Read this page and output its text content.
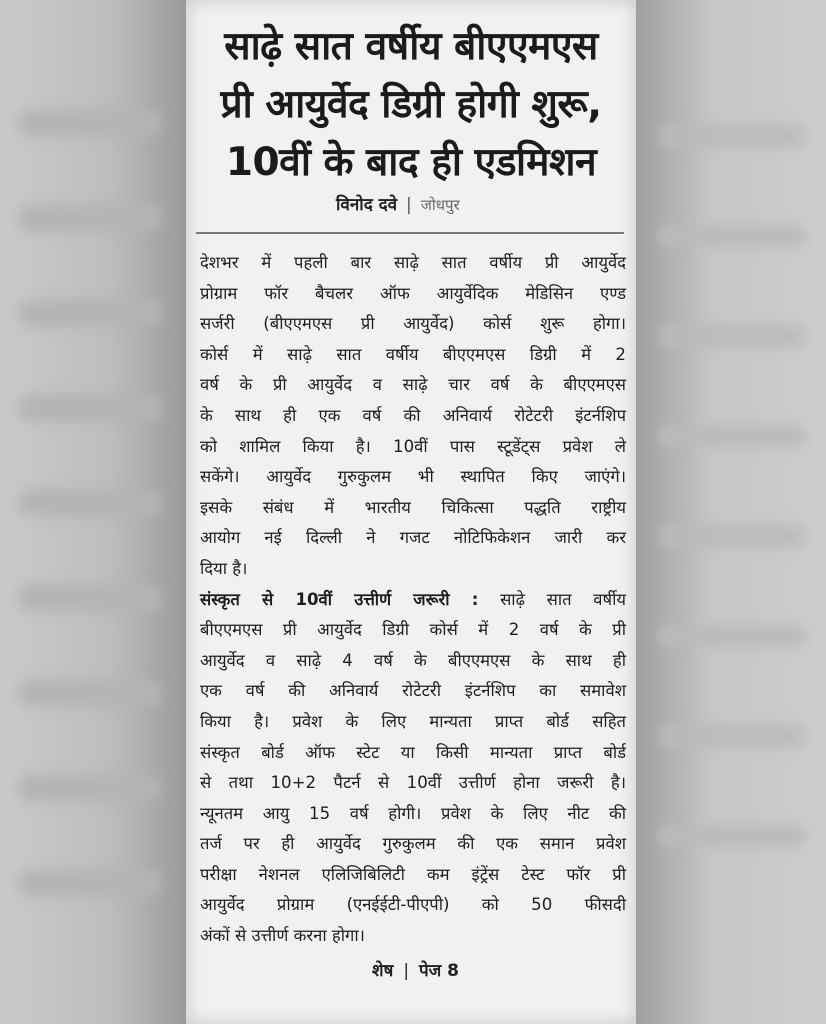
साढ़े सात वर्षीय बीएएमएस
प्री आयुर्वेद डिग्री होगी शुरू,
10वीं के बाद ही एडमिशन
विनोद दवे | जोधपुर
देशभर में पहली बार साढ़े सात वर्षीय प्री आयुर्वेद
प्रोग्राम फॉर बैचलर ऑफ आयुर्वेदिक मेडिसिन एण्ड
सर्जरी (बीएएमएस प्री आयुर्वेद) कोर्स शुरू होगा।
कोर्स में साढ़े सात वर्षीय बीएएमएस डिग्री में 2
वर्ष के प्री आयुर्वेद व साढ़े चार वर्ष के बीएएमएस
के साथ ही एक वर्ष की अनिवार्य रोटेटरी इंटर्नशिप
को शामिल किया है। 10वीं पास स्टूडेंट्स प्रवेश ले
सकेंगे। आयुर्वेद गुरुकुलम भी स्थापित किए जाएंगे।
इसके संबंध में भारतीय चिकित्सा पद्धति राष्ट्रीय
आयोग नई दिल्ली ने गजट नोटिफिकेशन जारी कर
दिया है।
संस्कृत से 10वीं उत्तीर्ण जरूरी : साढ़े सात वर्षीय
बीएएमएस प्री आयुर्वेद डिग्री कोर्स में 2 वर्ष के प्री
आयुर्वेद व साढ़े 4 वर्ष के बीएएमएस के साथ ही
एक वर्ष की अनिवार्य रोटेटरी इंटर्नशिप का समावेश
किया है। प्रवेश के लिए मान्यता प्राप्त बोर्ड सहित
संस्कृत बोर्ड ऑफ स्टेट या किसी मान्यता प्राप्त बोर्ड
से तथा 10+2 पैटर्न से 10वीं उत्तीर्ण होना जरूरी है।
न्यूनतम आयु 15 वर्ष होगी। प्रवेश के लिए नीट की
तर्ज पर ही आयुर्वेद गुरुकुलम की एक समान प्रवेश
परीक्षा नेशनल एलिजिबिलिटी कम इंट्रेंस टेस्ट फॉर प्री
आयुर्वेद प्रोग्राम (एनईईटी-पीएपी) को 50 फीसदी
अंकों से उत्तीर्ण करना होगा।
शेष | पेज 8
